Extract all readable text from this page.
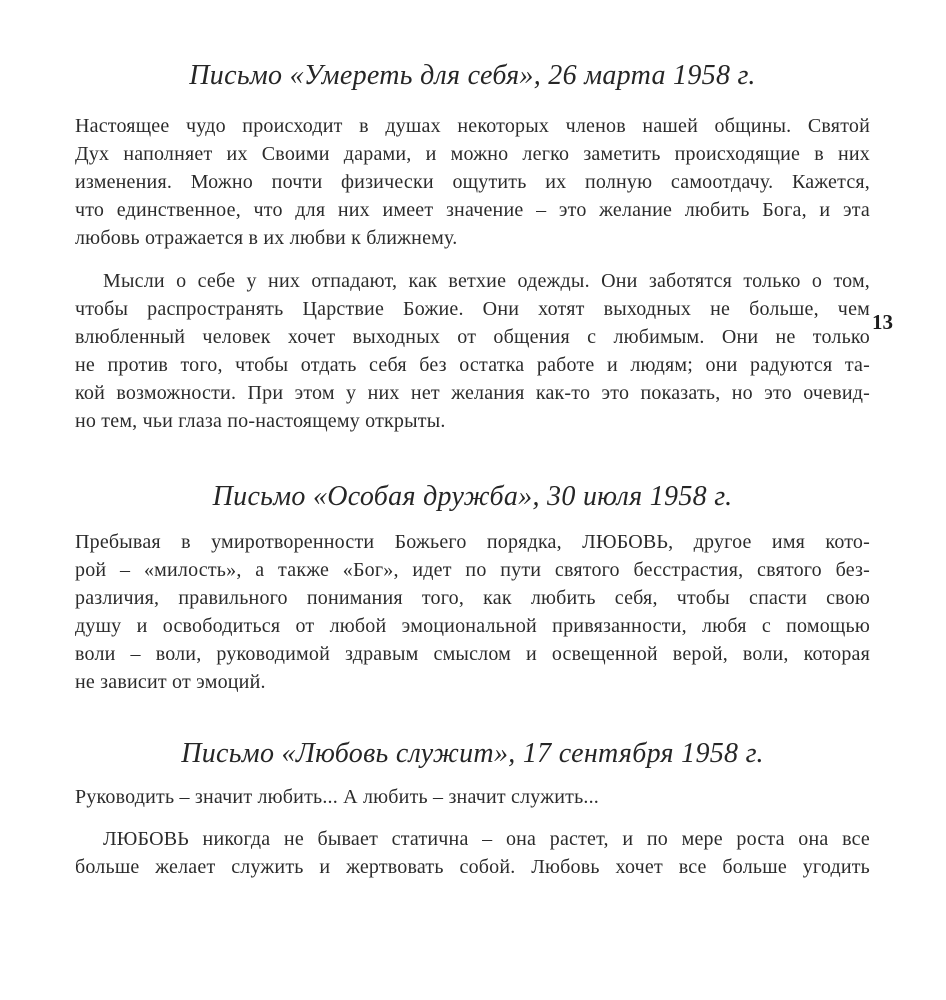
Письмо «Умереть для себя», 26 марта 1958 г.
Настоящее чудо происходит в душах некоторых членов нашей общины. Святой
Дух наполняет их Своими дарами, и можно легко заметить происходящие в них
изменения. Можно почти физически ощутить их полную самоотдачу. Кажется,
что единственное, что для них имеет значение – это желание любить Бога, и эта
любовь отражается в их любви к ближнему.
Мысли о себе у них отпадают, как ветхие одежды. Они заботятся только о том,
чтобы распространять Царствие Божие. Они хотят выходных не больше, чем
влюбленный человек хочет выходных от общения с любимым. Они не только
не против того, чтобы отдать себя без остатка работе и людям; они радуются та-
кой возможности. При этом у них нет желания как-то это показать, но это очевид-
но тем, чьи глаза по-настоящему открыты.
Письмо «Особая дружба», 30 июля 1958 г.
Пребывая в умиротворенности Божьего порядка, ЛЮБОВЬ, другое имя кото-
рой – «милость», а также «Бог», идет по пути святого бесстрастия, святого без-
различия, правильного понимания того, как любить себя, чтобы спасти свою
душу и освободиться от любой эмоциональной привязанности, любя с помощью
воли – воли, руководимой здравым смыслом и освещенной верой, воли, которая
не зависит от эмоций.
Письмо «Любовь служит», 17 сентября 1958 г.
Руководить – значит любить... А любить – значит служить...
ЛЮБОВЬ никогда не бывает статична – она растет, и по мере роста она все
больше желает служить и жертвовать собой. Любовь хочет все больше угодить
13
